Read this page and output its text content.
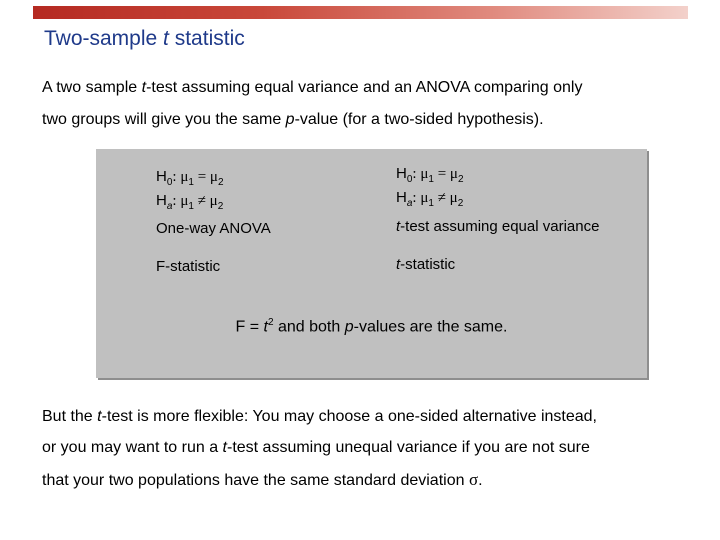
Two-sample t statistic
A two sample t-test assuming equal variance and an ANOVA comparing only
two groups will give you the same p-value (for a two-sided hypothesis).
$H_0$: $\mu_1 = \mu_2$
$H_a$: $\mu_1 \ne \mu_2$
One-way ANOVA
F-statistic
$H_0$: $\mu_1 = \mu_2$
$H_a$: $\mu_1 \ne \mu_2$
t-test assuming equal variance
t-statistic
$F = t^2$ and both p-values are the same.
But the t-test is more flexible: You may choose a one-sided alternative instead,
or you may want to run a t-test assuming unequal variance if you are not sure
that your two populations have the same standard deviation σ.
